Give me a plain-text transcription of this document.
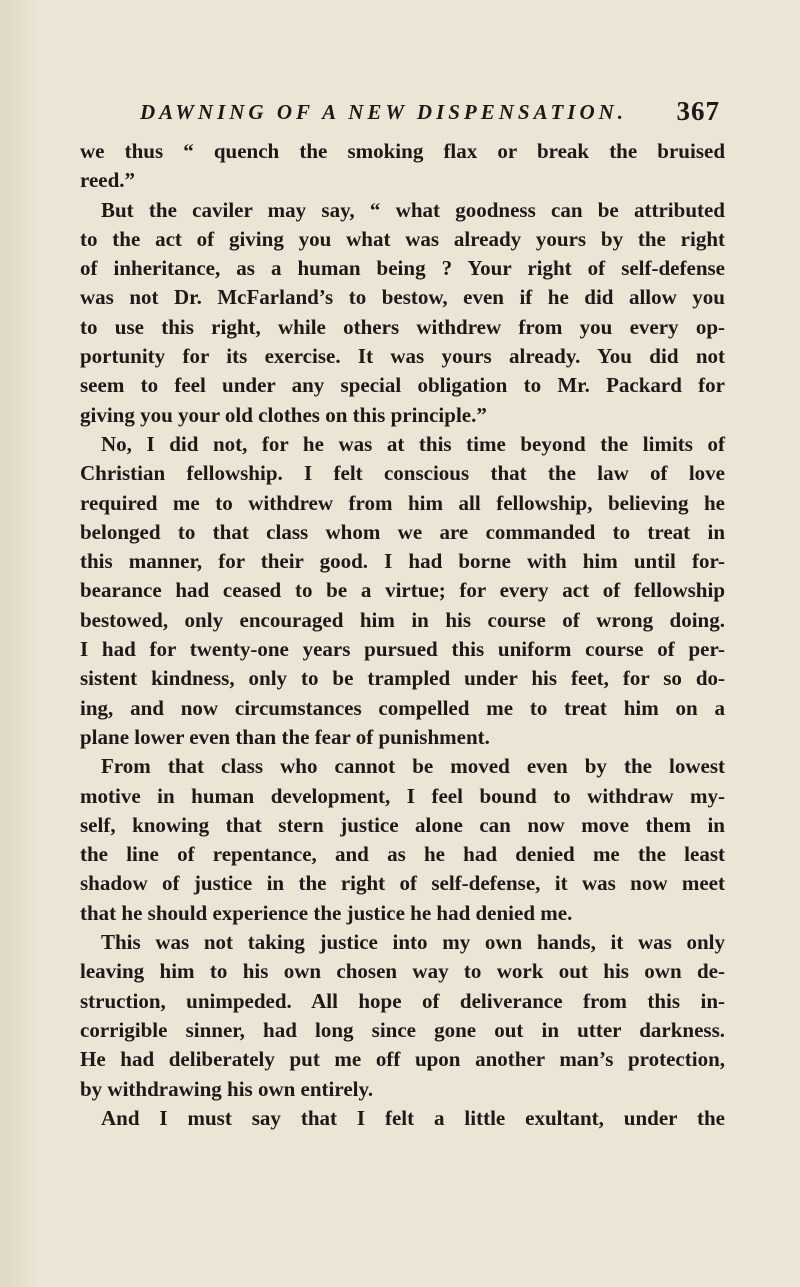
DAWNING OF A NEW DISPENSATION. 367
we thus “ quench the smoking flax or break the bruised
reed.”
But the caviler may say, “ what goodness can be attributed
to the act of giving you what was already yours by the right
of inheritance, as a human being ? Your right of self-defense
was not Dr. McFarland’s to bestow, even if he did allow you
to use this right, while others withdrew from you every op-
portunity for its exercise. It was yours already. You did not
seem to feel under any special obligation to Mr. Packard for
giving you your old clothes on this principle.”
No, I did not, for he was at this time beyond the limits of
Christian fellowship. I felt conscious that the law of love
required me to withdrew from him all fellowship, believing he
belonged to that class whom we are commanded to treat in
this manner, for their good. I had borne with him until for-
bearance had ceased to be a virtue; for every act of fellowship
bestowed, only encouraged him in his course of wrong doing.
I had for twenty-one years pursued this uniform course of per-
sistent kindness, only to be trampled under his feet, for so do-
ing, and now circumstances compelled me to treat him on a
plane lower even than the fear of punishment.
From that class who cannot be moved even by the lowest
motive in human development, I feel bound to withdraw my-
self, knowing that stern justice alone can now move them in
the line of repentance, and as he had denied me the least
shadow of justice in the right of self-defense, it was now meet
that he should experience the justice he had denied me.
This was not taking justice into my own hands, it was only
leaving him to his own chosen way to work out his own de-
struction, unimpeded. All hope of deliverance from this in-
corrigible sinner, had long since gone out in utter darkness.
He had deliberately put me off upon another man’s protection,
by withdrawing his own entirely.
And I must say that I felt a little exultant, under the
